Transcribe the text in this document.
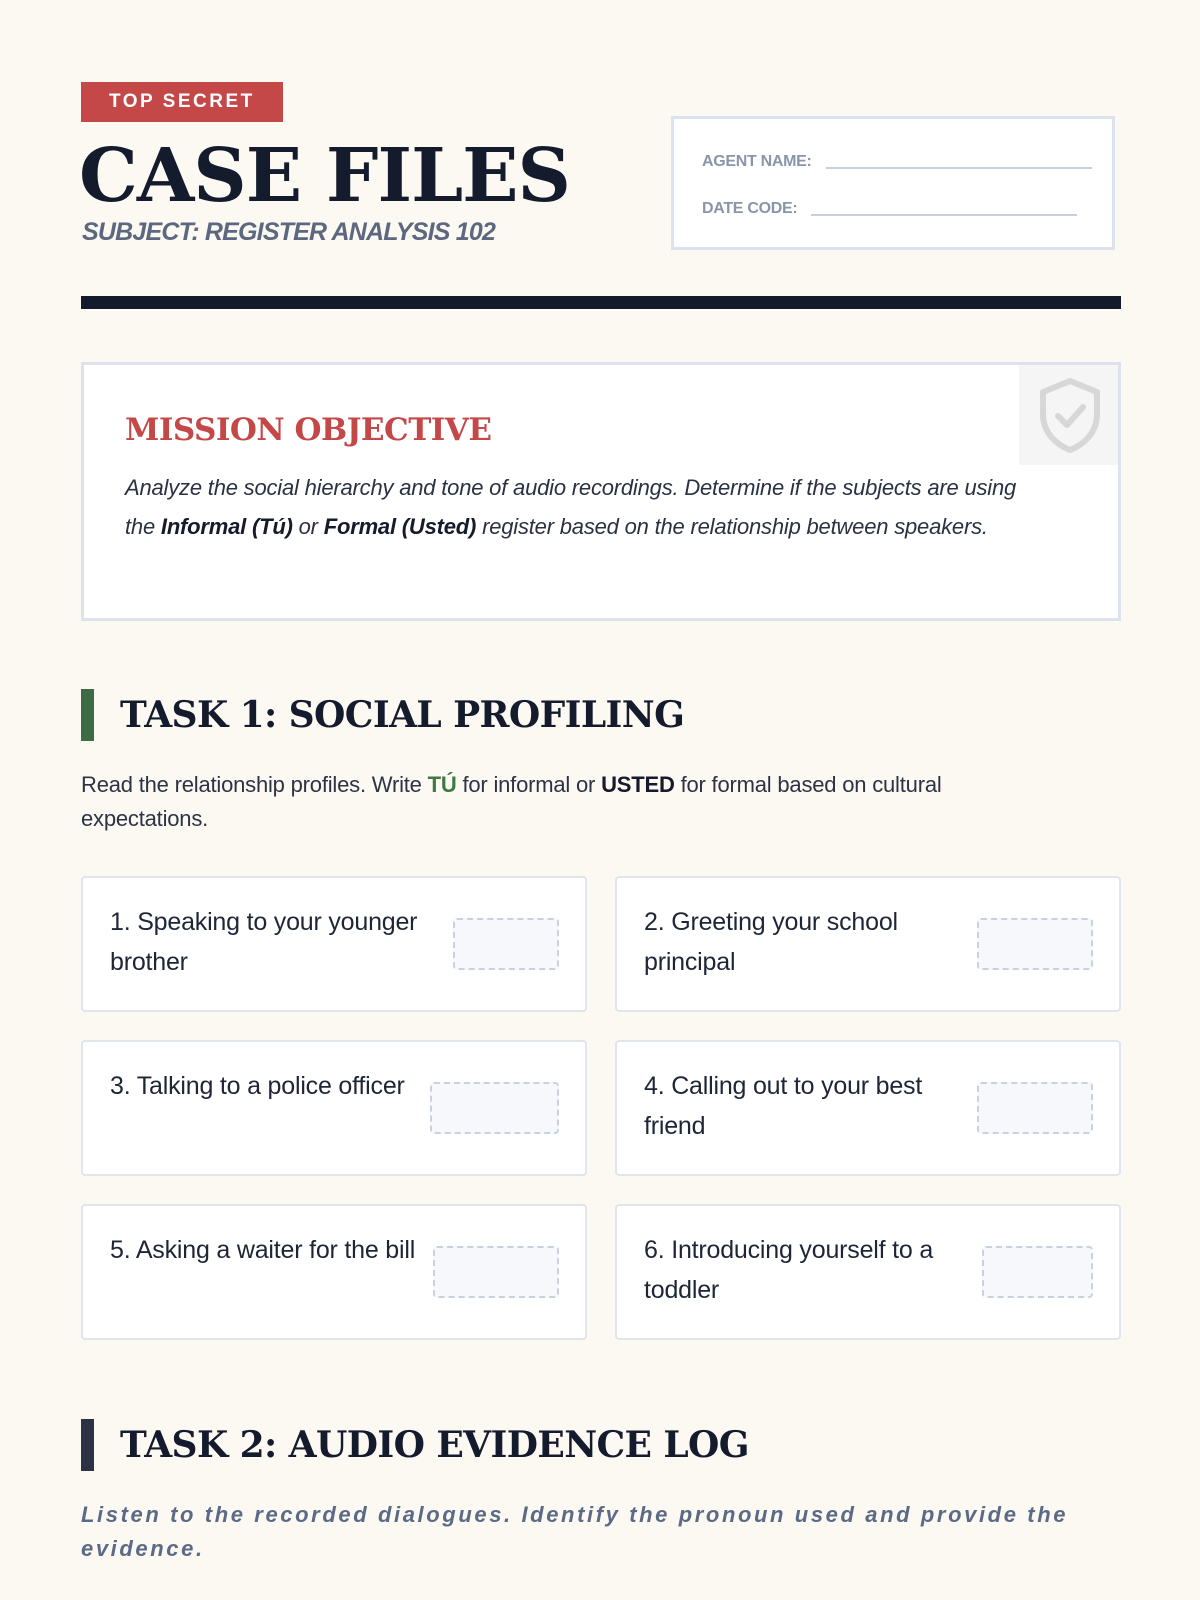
TOP SECRET
CASE FILES
SUBJECT: REGISTER ANALYSIS 102
AGENT NAME:
DATE CODE:
MISSION OBJECTIVE

Analyze the social hierarchy and tone of audio recordings. Determine if the subjects are using the Informal (Tú) or Formal (Usted) register based on the relationship between speakers.

TASK 1: SOCIAL PROFILING

Read the relationship profiles. Write TÚ for informal or USTED for formal based on cultural expectations.

1. Speaking to your younger brother
2. Greeting your school principal
3. Talking to a police officer	4. Calling out to your best friend
5. Asking a waiter for the bill	6. Introducing yourself to a toddler
TASK 2: AUDIO EVIDENCE LOG

Listen to the recorded dialogues. Identify the pronoun used and provide the evidence.
